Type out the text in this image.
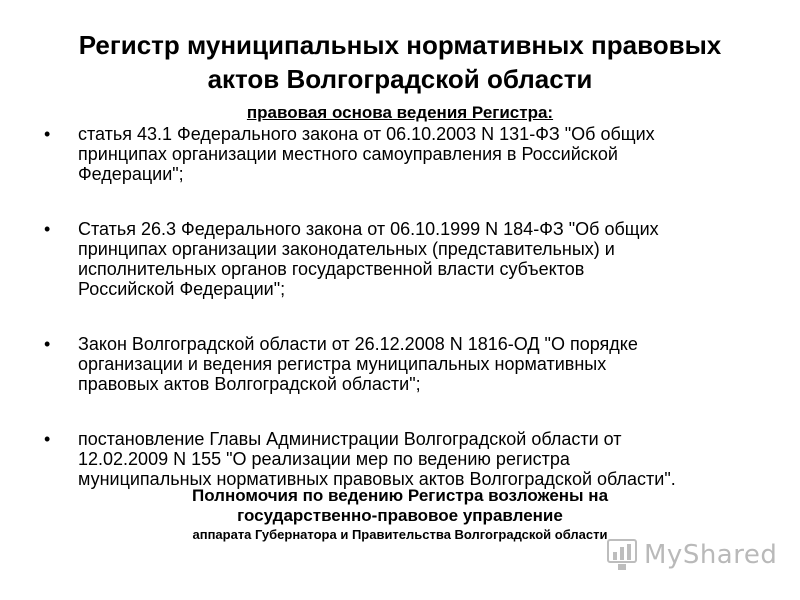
Регистр муниципальных нормативных правовых
актов Волгоградской области
правовая основа ведения Регистра:
• статья 43.1 Федерального закона от 06.10.2003 N 131-ФЗ "Об общих
принципах организации местного самоуправления в Российской
Федерации";
• Статья 26.3 Федерального закона от 06.10.1999 N 184-ФЗ "Об общих
принципах организации законодательных (представительных) и
исполнительных органов государственной власти субъектов
Российской Федерации";
• Закон Волгоградской области от 26.12.2008 N 1816-ОД "О порядке
организации и ведения регистра муниципальных нормативных
правовых актов Волгоградской области";
• постановление Главы Администрации Волгоградской области от
12.02.2009 N 155 "О реализации мер по ведению регистра
муниципальных нормативных правовых актов Волгоградской области".
Полномочия по ведению Регистра возложены на
государственно-правовое управление
аппарата Губернатора и Правительства Волгоградской области
MyShared
